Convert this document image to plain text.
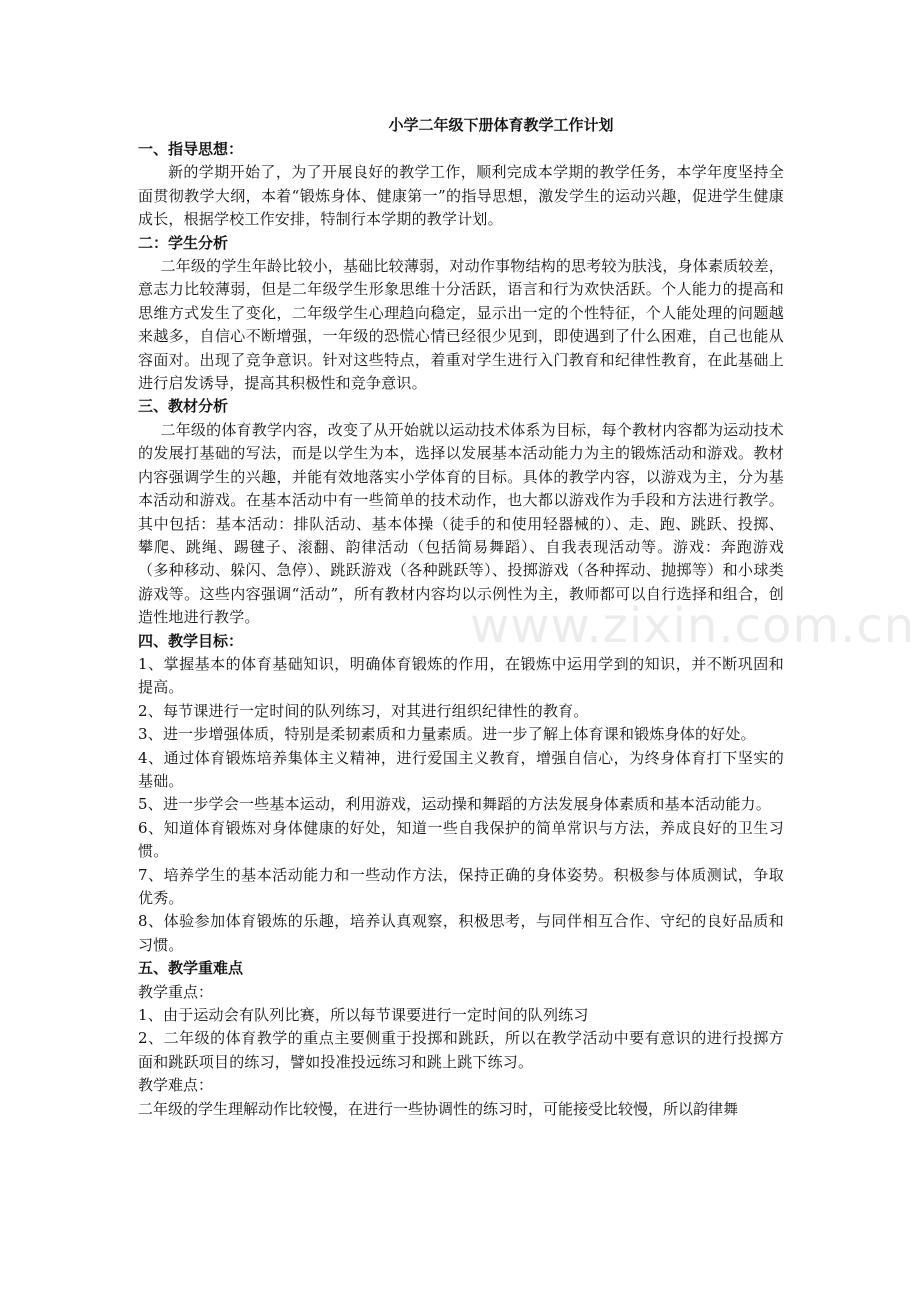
小学二年级下册体育教学工作计划

一、指导思想：

新的学期开始了，为了开展良好的教学工作，顺利完成本学期的教学任务，本学年度坚持全面贯彻教学大纲，本着“锻炼身体、健康第一”的指导思想，激发学生的运动兴趣，促进学生健康成长，根据学校工作安排，特制行本学期的教学计划。

二：学生分析

二年级的学生年龄比较小，基础比较薄弱，对动作事物结构的思考较为肤浅，身体素质较差，意志力比较薄弱，但是二年级学生形象思维十分活跃，语言和行为欢快活跃。个人能力的提高和思维方式发生了变化，二年级学生心理趋向稳定，显示出一定的个性特征，个人能处理的问题越来越多，自信心不断增强，一年级的恐慌心情已经很少见到，即使遇到了什么困难，自己也能从容面对。出现了竞争意识。针对这些特点，着重对学生进行入门教育和纪律性教育，在此基础上进行启发诱导，提高其积极性和竞争意识。

三、教材分析

二年级的体育教学内容，改变了从开始就以运动技术体系为目标，每个教材内容都为运动技术的发展打基础的写法，而是以学生为本，选择以发展基本活动能力为主的锻炼活动和游戏。教材内容强调学生的兴趣，并能有效地落实小学体育的目标。具体的教学内容，以游戏为主，分为基本活动和游戏。在基本活动中有一些简单的技术动作，也大都以游戏作为手段和方法进行教学。其中包括：基本活动：排队活动、基本体操（徒手的和使用轻器械的）、走、跑、跳跃、投掷、攀爬、跳绳、踢毽子、滚翻、韵律活动（包括简易舞蹈）、自我表现活动等。游戏：奔跑游戏（多种移动、躲闪、急停）、跳跃游戏（各种跳跃等）、投掷游戏（各种挥动、抛掷等）和小球类游戏等。这些内容强调“活动”，所有教材内容均以示例性为主，教师都可以自行选择和组合，创造性地进行教学。

四、教学目标：

1、掌握基本的体育基础知识，明确体育锻炼的作用，在锻炼中运用学到的知识，并不断巩固和提高。

2、每节课进行一定时间的队列练习，对其进行组织纪律性的教育。

3、进一步增强体质，特别是柔韧素质和力量素质。进一步了解上体育课和锻炼身体的好处。

4、通过体育锻炼培养集体主义精神，进行爱国主义教育，增强自信心，为终身体育打下坚实的基础。

5、进一步学会一些基本运动，利用游戏，运动操和舞蹈的方法发展身体素质和基本活动能力。

6、知道体育锻炼对身体健康的好处，知道一些自我保护的简单常识与方法，养成良好的卫生习惯。

7、培养学生的基本活动能力和一些动作方法，保持正确的身体姿势。积极参与体质测试，争取优秀。

8、体验参加体育锻炼的乐趣，培养认真观察，积极思考，与同伴相互合作、守纪的良好品质和习惯。

五、教学重难点

教学重点：

1、由于运动会有队列比赛，所以每节课要进行一定时间的队列练习

2、二年级的体育教学的重点主要侧重于投掷和跳跃，所以在教学活动中要有意识的进行投掷方面和跳跃项目的练习，譬如投准投远练习和跳上跳下练习。

教学难点：

二年级的学生理解动作比较慢，在进行一些协调性的练习时，可能接受比较慢，所以韵律舞

www.zixin.com.cn
